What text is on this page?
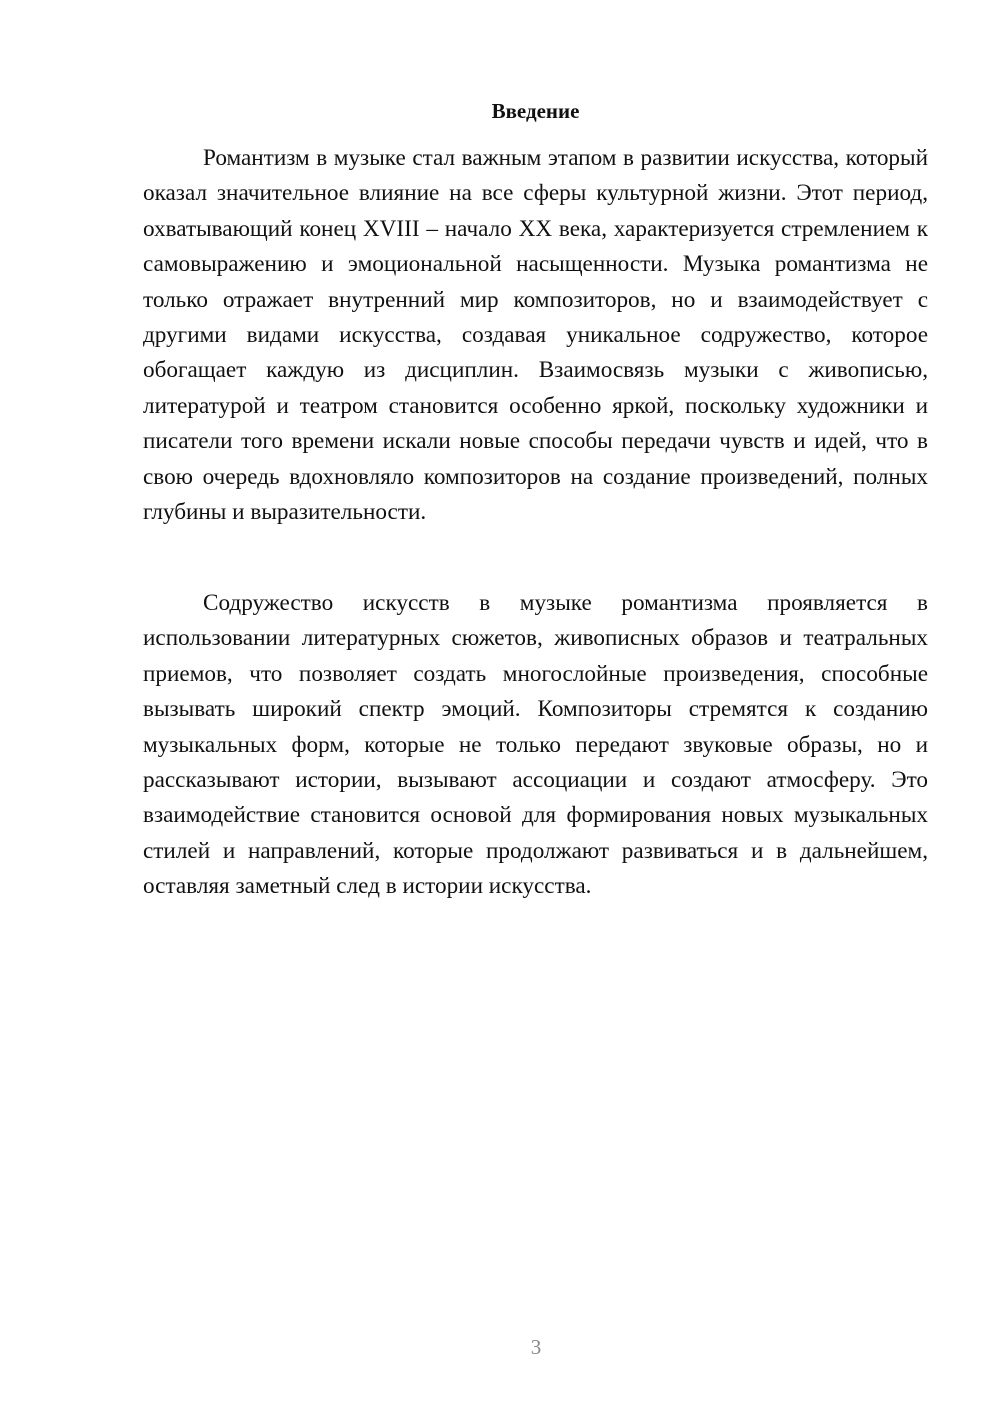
Введение

Романтизм в музыке стал важным этапом в развитии искусства, который оказал значительное влияние на все сферы культурной жизни. Этот период, охватывающий конец XVIII – начало XX века, характеризуется стремлением к самовыражению и эмоциональной насыщенности. Музыка романтизма не только отражает внутренний мир композиторов, но и взаимодействует с другими видами искусства, создавая уникальное содружество, которое обогащает каждую из дисциплин. Взаимосвязь музыки с живописью, литературой и театром становится особенно яркой, поскольку художники и писатели того времени искали новые способы передачи чувств и идей, что в свою очередь вдохновляло композиторов на создание произведений, полных глубины и выразительности.

Содружество искусств в музыке романтизма проявляется в использовании литературных сюжетов, живописных образов и театральных приемов, что позволяет создать многослойные произведения, способные вызывать широкий спектр эмоций. Композиторы стремятся к созданию музыкальных форм, которые не только передают звуковые образы, но и рассказывают истории, вызывают ассоциации и создают атмосферу. Это взаимодействие становится основой для формирования новых музыкальных стилей и направлений, которые продолжают развиваться и в дальнейшем, оставляя заметный след в истории искусства.

3
